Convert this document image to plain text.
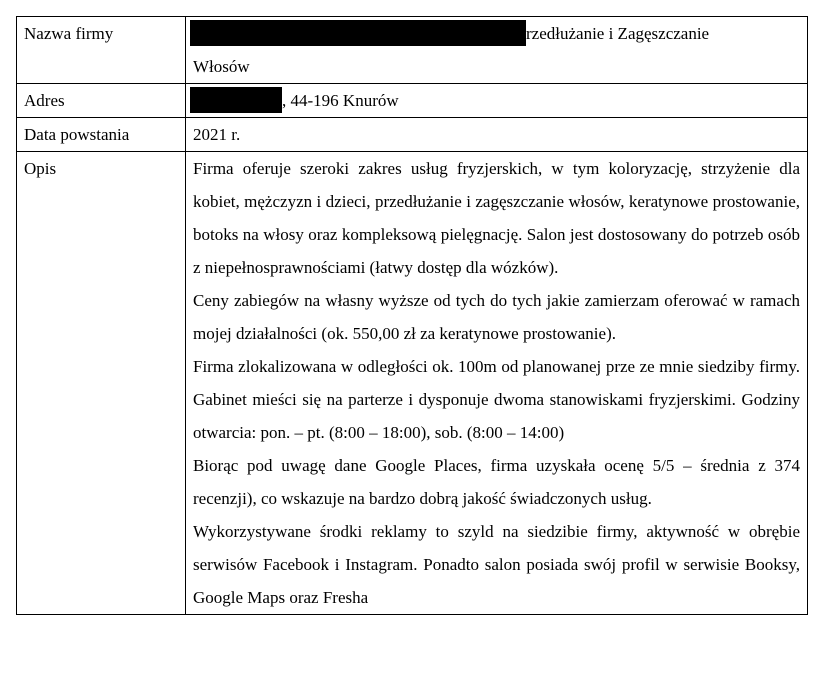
Nazwa firmy	rzedłużanie i Zagęszczanie
Włosów
Adres	, 44-196 Knurów
Data powstania	2021 r.
Opis	Firma oferuje szeroki zakres usług fryzjerskich, w tym koloryzację, strzyżenie dla kobiet, mężczyzn i dzieci, przedłużanie i zagęszczanie włosów, keratynowe prostowanie, botoks na włosy oraz kompleksową pielęgnację. Salon jest dostosowany do potrzeb osób z niepełnosprawnościami (łatwy dostęp dla wózków).

Ceny zabiegów na własny wyższe od tych do tych jakie zamierzam oferować w ramach mojej działalności (ok. 550,00 zł za keratynowe prostowanie).

Firma zlokalizowana w odległości ok. 100m od planowanej prze ze mnie siedziby firmy. Gabinet mieści się na parterze i dysponuje dwoma stanowiskami fryzjerskimi. Godziny otwarcia: pon. – pt. (8:00 – 18:00), sob. (8:00 – 14:00)

Biorąc pod uwagę dane Google Places, firma uzyskała ocenę 5/5 – średnia z 374 recenzji), co wskazuje na bardzo dobrą jakość świadczonych usług.

Wykorzystywane środki reklamy to szyld na siedzibie firmy, aktywność w obrębie serwisów Facebook i Instagram. Ponadto salon posiada swój profil w serwisie Booksy, Google Maps oraz Fresha
